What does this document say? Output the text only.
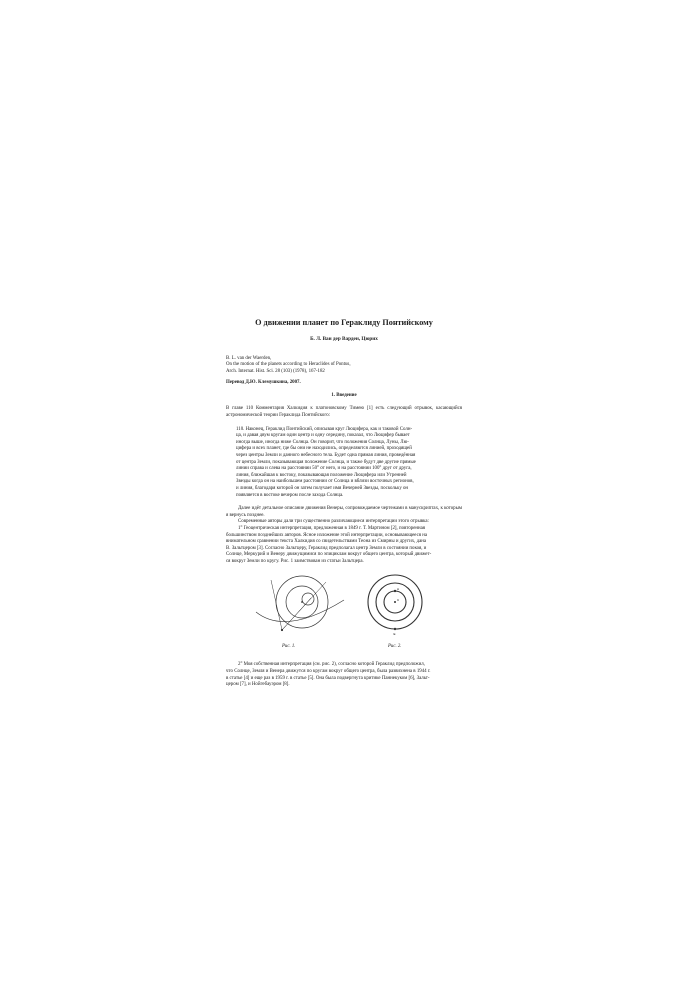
О движении планет по Гераклиду Понтийскому
Б. Л. Ван дер Варден, Цюрих
B. L. van der Waerden,
On the motion of the planets according to Heraclides of Pontus,
Arch. Internat. Hist. Sci. 28 (103) (1978), 167-182
Перевод Д.Ю. Клемушкина, 2007.
1. Введение

В главе 110 Комментария Халкидия к платоновскому Тимею [1] есть следующий отрывок, касающийся астрономической теории Гераклида Понтийского:

110. Наконец, Гераклид Понтийский, описывая круг Люцифера, как и таковой Солн-
ца, и давая двум кругам один центр и одну середину, показал, что Люцифер бывает
иногда выше, иногда ниже Солнца. Он говорит, что положения Солнца, Луны, Лю-
цифера и всех планет, где бы они не находились, определяются линией, проходящей
через центры Земли и данного небесного тела. Будет одна прямая линия, проведённая
от центра Земли, показывающая положение Солнца, и также будут две другие прямые
линии справа и слева на расстоянии 50° от него, и на расстоянии 100° друг от друга,
линия, ближайшая к востоку, показывающая положение Люцифера или Утренней
Звезды когда он на наибольшем расстоянии от Солнца и вблизи восточных регионов,
и линия, благодаря которой он затем получает имя Вечерней Звезды, поскольку он
появляется в востоке вечером после захода Солнца.

Далее идёт детальное описание движения Венеры, сопровождаемое чертежами в манускриптах, к которым я вернусь позднее.

Современные авторы дали три существенно различающиеся интерпретации этого отрывка:

1° Геоцентрическая интерпретация, предложенная в 1849 г. Т. Мартином [2], повторенная
большинством позднейших авторов. Ясное изложение этой интерпретации, основывающееся на
внимательном сравнении текста Халкидия со свидетельствами Теона из Смирны и других, дана
В. Зальтцером [3]. Согласно Зальтцеру, Гераклид предполагал центр Земли в состоянии покоя, и
Солнце, Меркурий и Венеру движущимися по эпициклам вокруг общего центра, который движет-
ся вокруг Земли по кругу. Рис. 1 заимствован из статьи Зальтцера.
C
A
E
Рис. 1.	Рис. 2.
2° Моя собственная интерпретация (см. рис. 2), согласно которой Гераклид предположил,
что Солнце, Земля и Венера движутся по кругам вокруг общего центра, была развихнена в 1944 г.
в статье [4] и еще раз в 1959 г. в статье [5]. Она была подвергнута критике Паннекуком [6], Зальт-
цером [7], и Нойгебауэром [8].
